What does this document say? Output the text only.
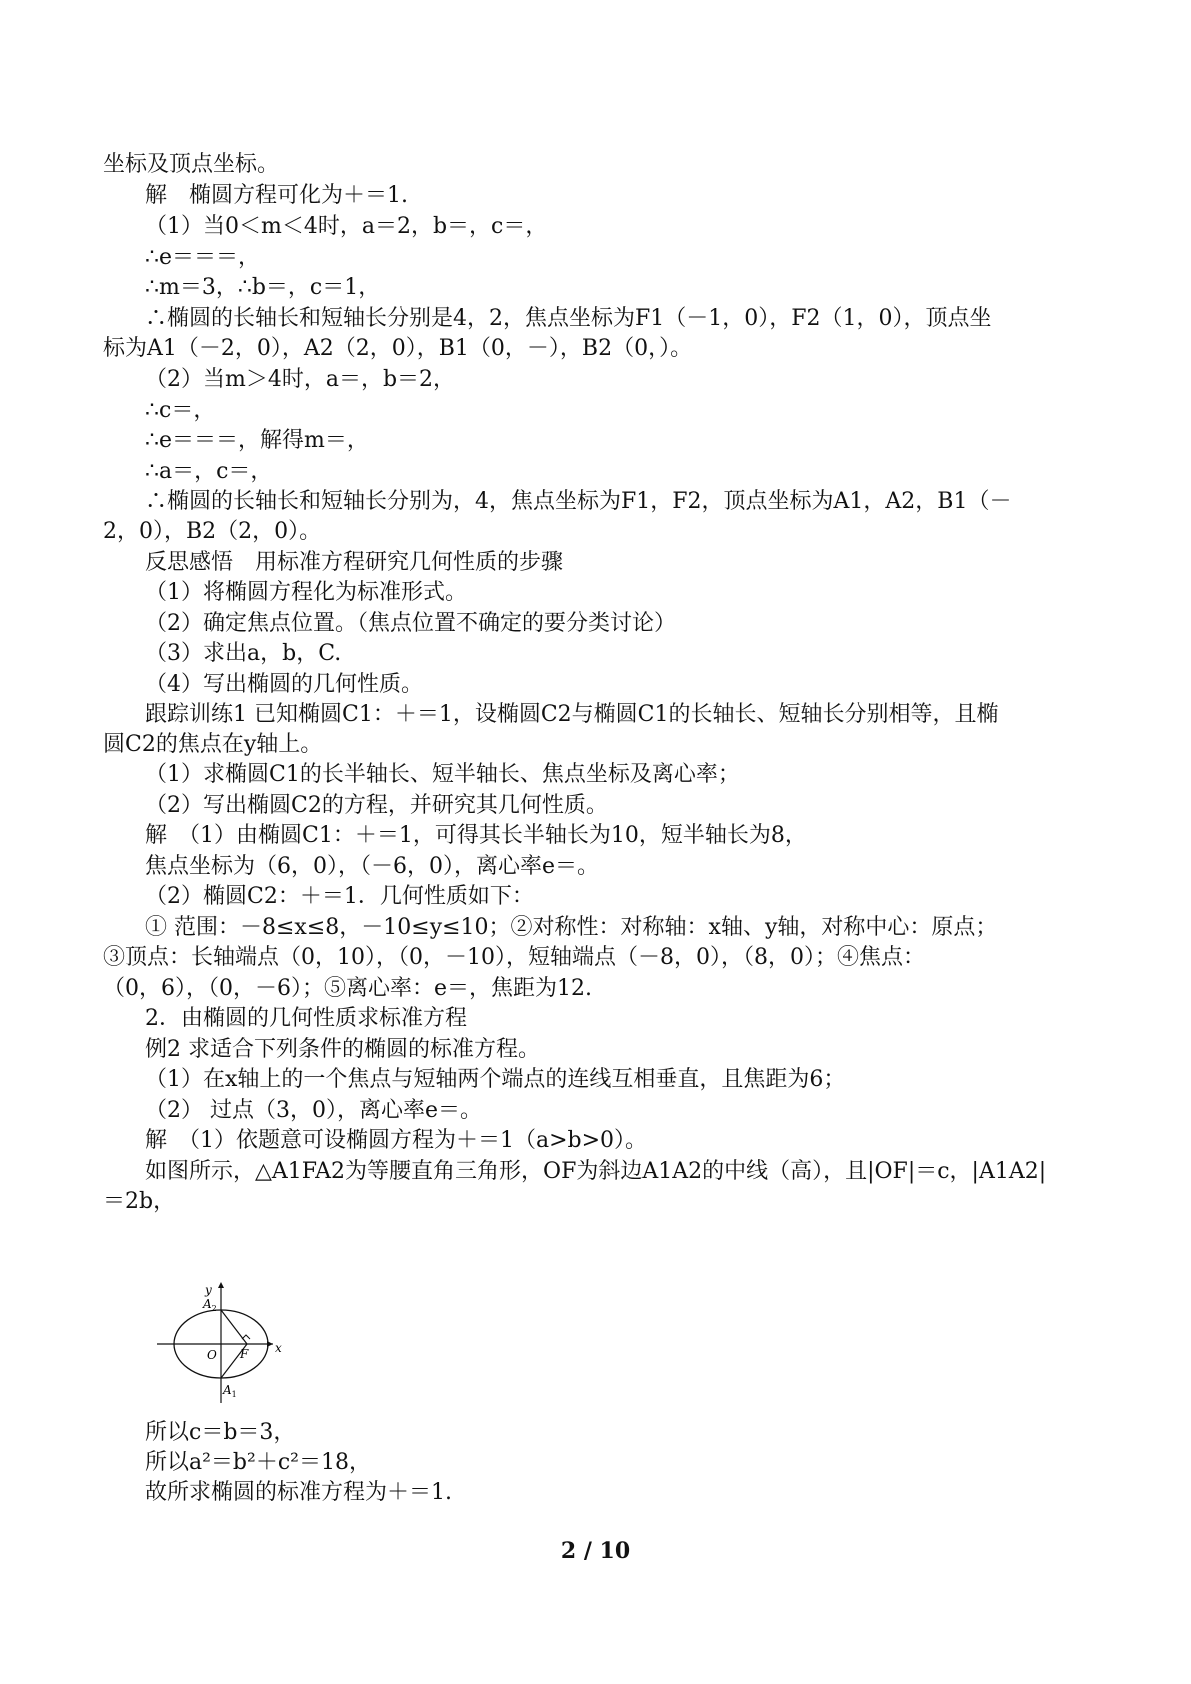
坐标及顶点坐标。
解　椭圆方程可化为＋＝1.
（1）当0＜m＜4时，a＝2，b＝，c＝，
∴e＝＝＝，
∴m＝3，∴b＝，c＝1，
∴椭圆的长轴长和短轴长分别是4，2，焦点坐标为F1（－1，0），F2（1，0），顶点坐
标为A1（－2，0），A2（2，0），B1（0，－），B2（0，）。
（2）当m＞4时，a＝，b＝2，
∴c＝，
∴e＝＝＝，解得m＝，
∴a＝，c＝，
∴椭圆的长轴长和短轴长分别为，4，焦点坐标为F1，F2，顶点坐标为A1，A2，B1（－
2，0），B2（2，0）。
反思感悟　用标准方程研究几何性质的步骤
（1）将椭圆方程化为标准形式。
（2）确定焦点位置。（焦点位置不确定的要分类讨论）
（3）求出a，b，C.
（4）写出椭圆的几何性质。
跟踪训练1 已知椭圆C1：＋＝1，设椭圆C2与椭圆C1的长轴长、短轴长分别相等，且椭
圆C2的焦点在y轴上。
（1）求椭圆C1的长半轴长、短半轴长、焦点坐标及离心率；
（2）写出椭圆C2的方程，并研究其几何性质。
解　（1）由椭圆C1：＋＝1，可得其长半轴长为10，短半轴长为8，
焦点坐标为（6，0），（－6，0），离心率e＝。
（2）椭圆C2：＋＝1．几何性质如下：
① 范围：－8≤x≤8，－10≤y≤10；②对称性：对称轴：x轴、y轴，对称中心：原点；
③顶点：长轴端点（0，10），（0，－10），短轴端点（－8，0），（8，0）；④焦点：
（0，6），（0，－6）；⑤离心率：e＝，焦距为12.
2．由椭圆的几何性质求标准方程
例2 求适合下列条件的椭圆的标准方程。
（1）在x轴上的一个焦点与短轴两个端点的连线互相垂直，且焦距为6；
（2） 过点（3，0），离心率e＝。
解　（1）依题意可设椭圆方程为＋＝1（a>b>0）。
如图所示，△A1FA2为等腰直角三角形，OF为斜边A1A2的中线（高），且|OF|＝c，|A1A2|
＝2b，
所以c＝b＝3，
所以a²＝b²＋c²＝18，
故所求椭圆的标准方程为＋＝1.
y
x
O F
$A_2$
$A_1$
2 / 10
